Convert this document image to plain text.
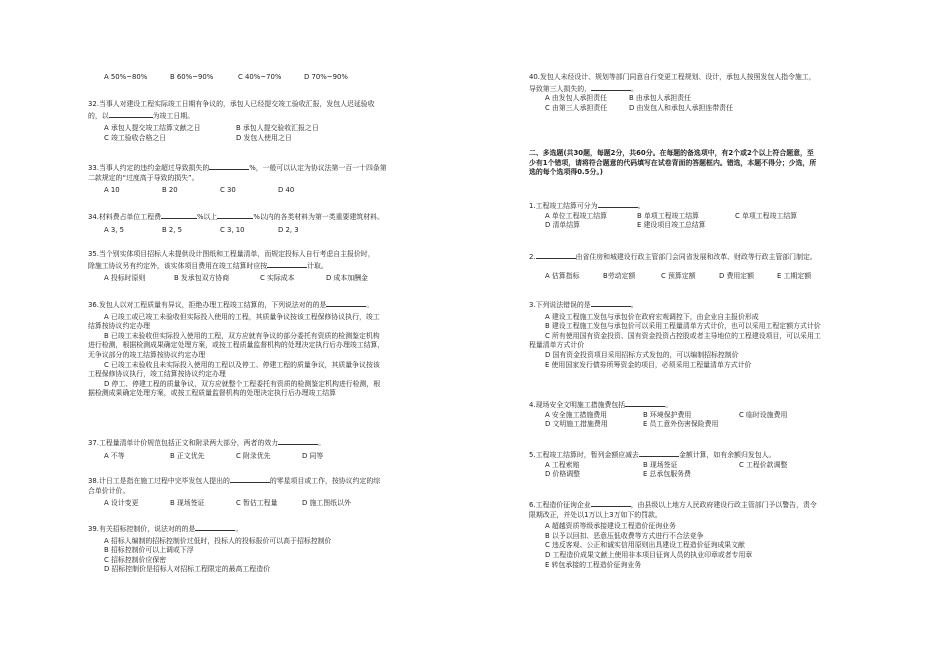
A 50%~80%	B 60%~90%	C 40%~70%	D 70%~90%
32.当事人对建设工程实际竣工日期有争议的，承包人已经提交竣工验收汇报，发包人迟延验收
的，以	为竣工日期。
A 承包人提交竣工结算文献之日	B 承包人提交验收汇报之日
C 竣工验收合格之日	D 发包人使用之日
33.当事人约定的违约金超过导致损失的	%，一般可以认定为协议法第一百一十四条第
二款规定的“过度高于导致的损失”。
A 10	B 20	C 30	D 40
34.材料费占单位工程费	%以上	%以内的各类材料为第一类重要建筑材料。
A 3, 5	B 2, 5	C 3, 10	D 2, 3
35.当个别实体项目招标人未提供设计图纸和工程量清单，而规定投标人自行考虑自主报价时，
除施工协议另有约定外，该实体项目费用在竣工结算时应按	计取。
A 投标时原则	B 发承包双方协商	C 实际成本	D 成本加酬金
36.发包人以对工程质量有异议，拒绝办理工程竣工结算的，下列说法对的的是	。
A 已竣工或已竣工未验收但实际投入使用的工程，其质量争议按该工程保修协议执行，竣工
结算按协议约定办理
B 已竣工未验收但实际投入使用的工程，双方应就有争议的部分委托有资质的检测鉴定机构
进行检测，根据检测成果确定处理方案，或按工程质量监督机构的处理决定执行后办理竣工结算，
无争议部分的竣工结算按协议约定办理
C 已竣工未验收且未实际投入使用的工程以及停工、停建工程的质量争议，其质量争议按该
工程保修协议执行，竣工结算按协议约定办理
D 停工、停建工程的质量争议，双方应就整个工程委托有资质的检测鉴定机构进行检测，根
据检测成果确定处理方案，或按工程质量监督机构的处理决定执行后办理竣工结算
37.工程量清单计价规范包括正文和附录两大部分，两者的效力	。
A 不等	B 正文优先	C 附录优先	D 同等
38.计日工是指在施工过程中完毕发包人提出的	的零星项目或工作，按协议约定的综
合单价计价。
A 设计变更	B 现场签证	C 暂估工程量	D 施工图纸以外
39.有关招标控制价，说法对的的是	。
A 招标人编制的招标控制价过低时，投标人的投标报价可以高于招标控制价
B 招标控制价可以上调或下浮
C 招标控制价应保密
D 招标控制价是招标人对招标工程限定的最高工程造价
40.发包人未经设计、规划等部门同意自行变更工程规划、设计，承包人按照发包人指令施工，
导致第三人损失的，	。
A 由发包人承担责任	B 由承包人承担责任
C 由第三人承担责任	D 由发包人和承包人承担连带责任
二、多选题(共30题，每题2分，共60分。在每题的备选项中，有2个或2个以上符合题意，至
少有1个错项，请将符合题意的代码填写在试卷背面的答题框内。错选，本题不得分；少选，所
选的每个选项得0.5分。)
1.工程竣工结算可分为	。
A 单位工程竣工结算	B 单项工程竣工结算	C 单项工程竣工结算
D 清单结算	E 建设项目竣工总结算
2.	由省住房和城建设行政主管部门会同省发展和改革、财政等行政主管部门制定。
A 估算指标	B劳动定额	C 预算定额	D 费用定额	E 工期定额
3.下列说法错误的是	。
A 建设工程施工发包与承包价在政府宏观调控下，由企业自主报价形成
B 建设工程施工发包与承包价可以采用工程量清单方式计价，也可以采用工程定额方式计价
C 所有使用国有资金投资、国有资金投资占控股或者主导地位的工程建设项目，可以采用工
程量清单方式计价
D 国有资金投资项目采用招标方式发包的，可以编制招标控制价
E 使用国家发行债券所筹资金的项目，必须采用工程量清单方式计价
4.现场安全文明施工措施费包括	。
A 安全施工措施费用	B 环境保护费用	C 临时设施费用
D 文明施工措施费用	E 员工意外伤害保险费用
5.工程竣工结算时，暂列金额应减去	金额计算，如有余额归发包人。
A 工程索赔	B 现场签证	C 工程价款调整
D 价格调整	E 总承包服务费
6.工程造价征询企业	，由县级以上地方人民政府建设行政主管部门予以警告，责令
限期改正，并处以1万以上3万如下的罚款。
A 超越资质等级承接建设工程造价征询业务
B 以予以回扣、恶意压低收费等方式进行不合法竞争
C 违反客观、公正和诚实信用原则出具建设工程造价征询成果文献
D 工程造价成果文献上使用非本项目征询人员的执业印章或者专用章
E 转包承接的工程造价征询业务
